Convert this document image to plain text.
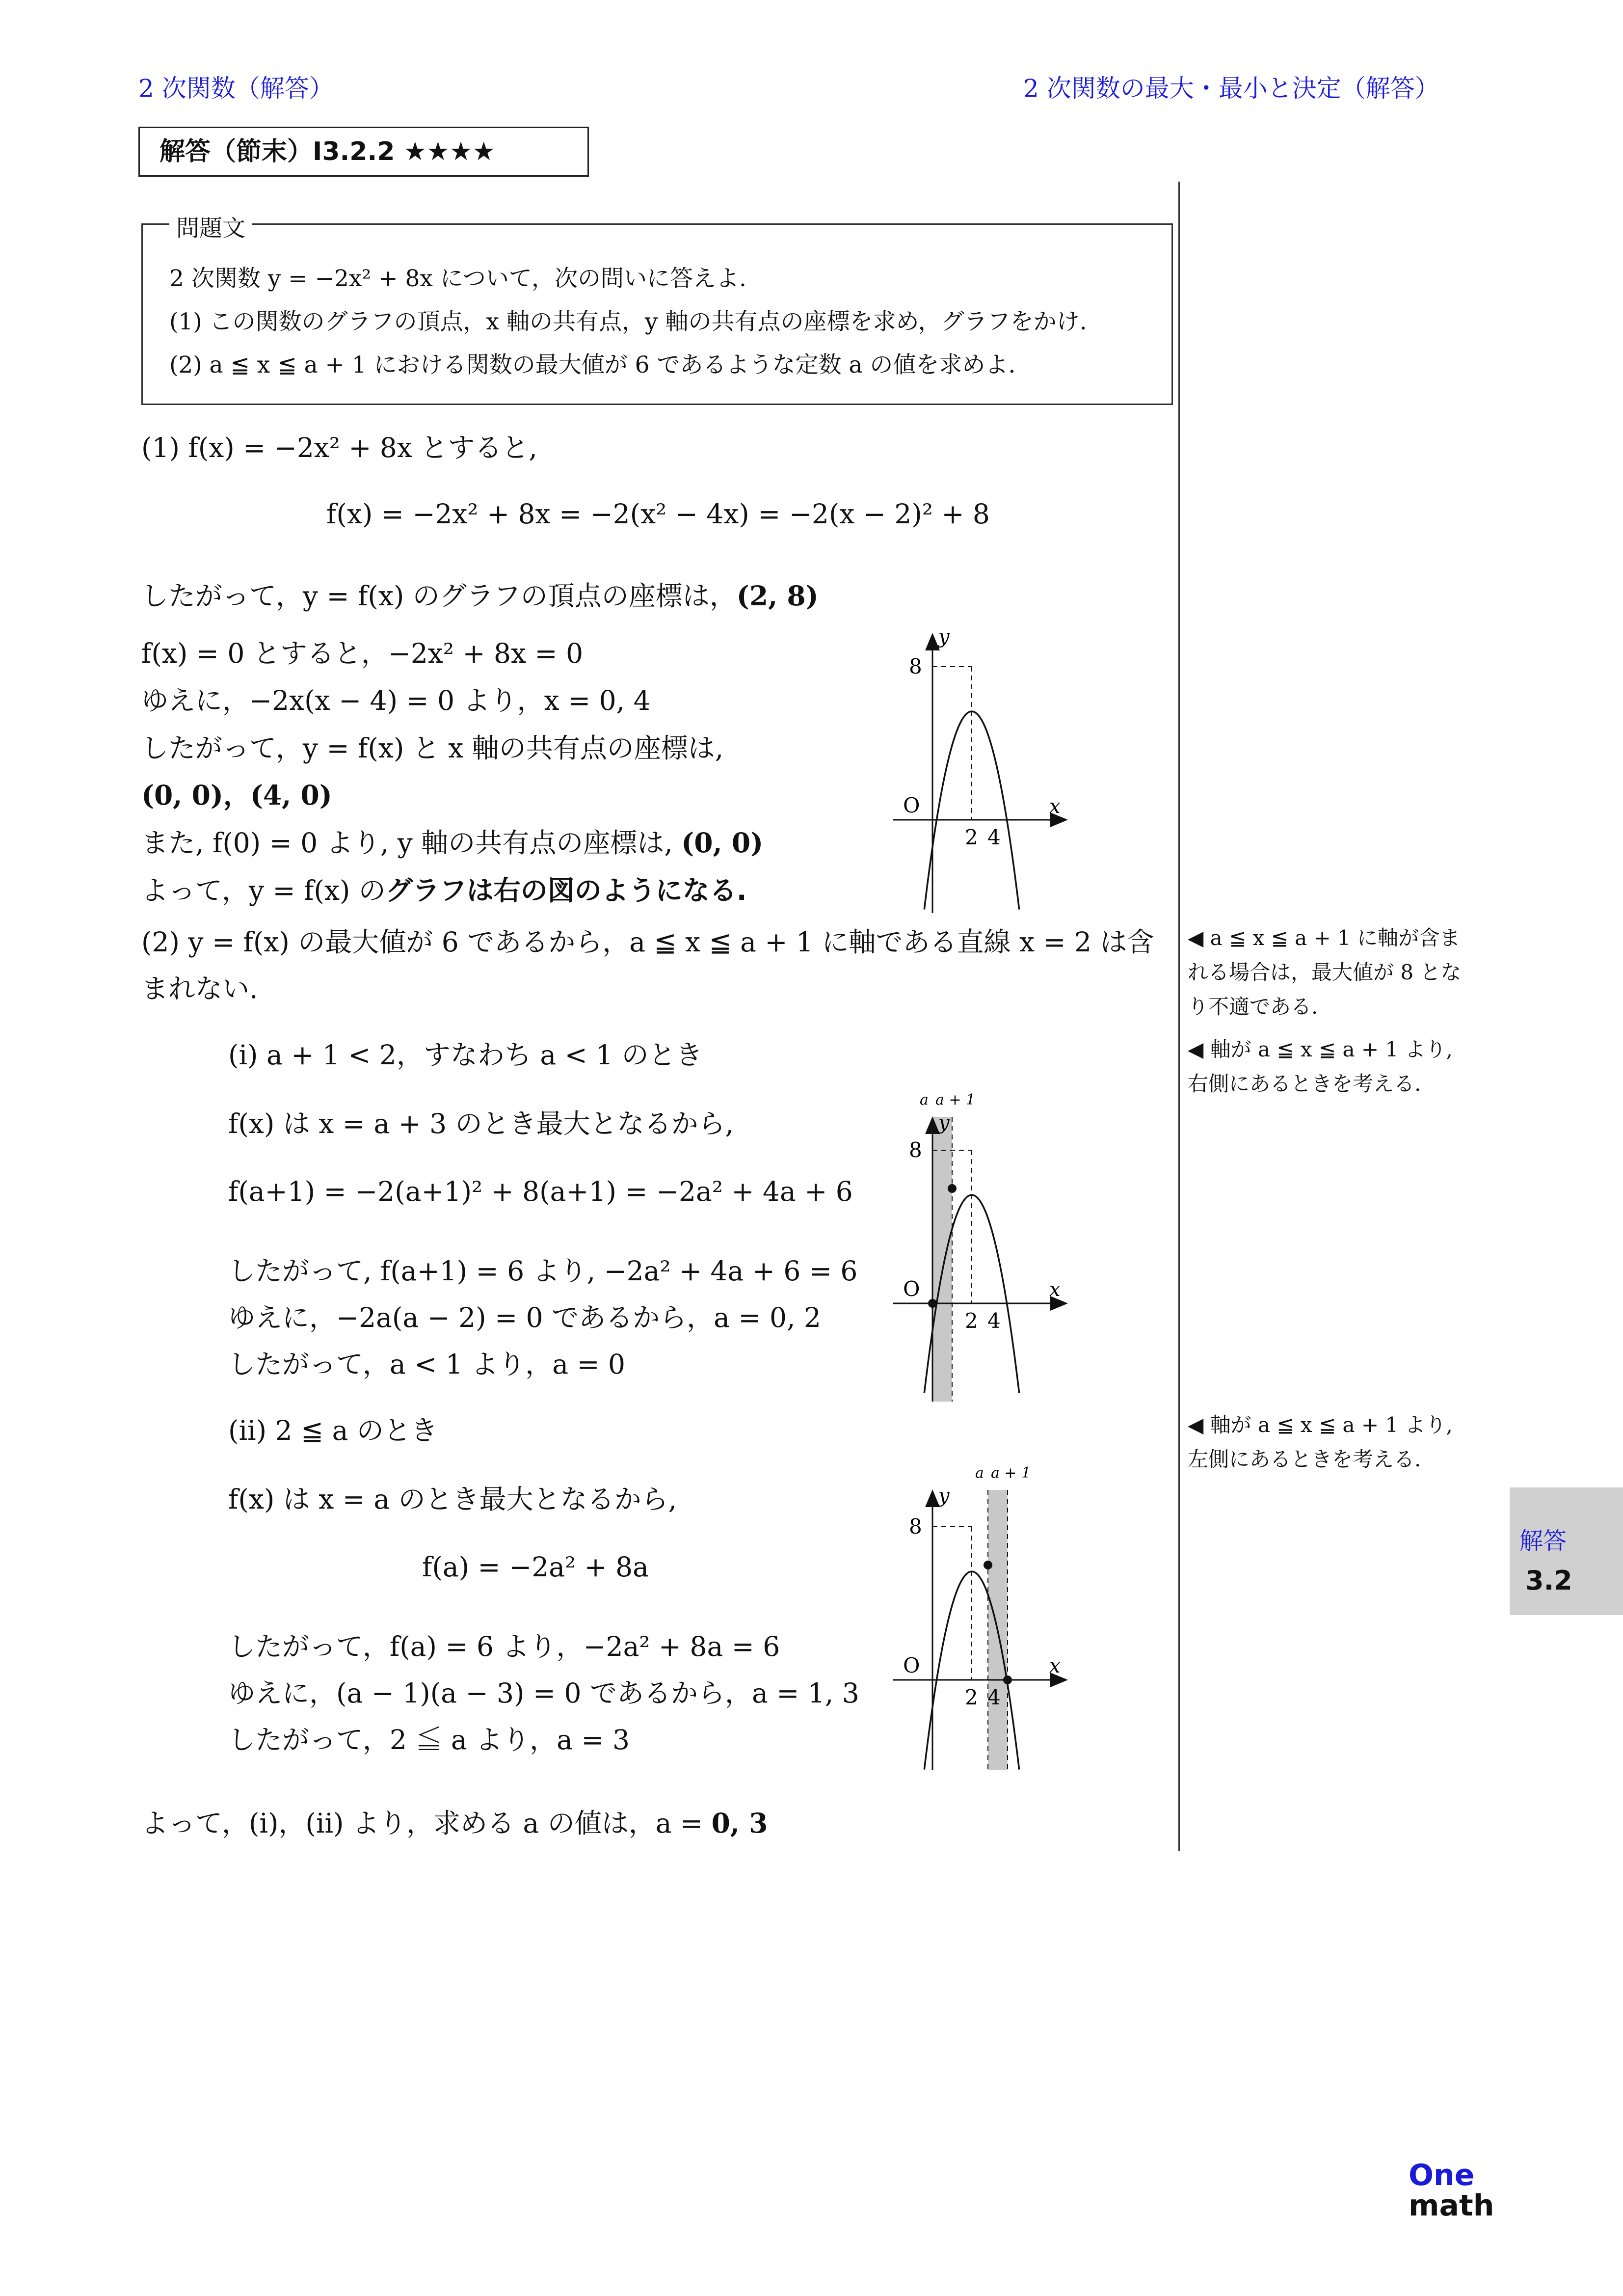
2 次関数（解答）	2 次関数の最大・最小と決定（解答）
解答（節末）I3.2.2 ★★★★
問題文
2 次関数 y = −2x² + 8x について，次の問いに答えよ.
(1) この関数のグラフの頂点，x 軸の共有点，y 軸の共有点の座標を求め，グラフをかけ.
(2) a ≦ x ≦ a + 1 における関数の最大値が 6 であるような定数 a の値を求めよ.
(1) f(x) = −2x² + 8x とすると,
f(x) = −2x² + 8x = −2(x² − 4x) = −2(x − 2)² + 8
したがって，y = f(x) のグラフの頂点の座標は，(2, 8)
f(x) = 0 とすると，−2x² + 8x = 0
ゆえに，−2x(x − 4) = 0 より，x = 0, 4
したがって，y = f(x) と x 軸の共有点の座標は,
(0, 0)，(4, 0)
また, f(0) = 0 より, y 軸の共有点の座標は, (0, 0)
よって，y = f(x) のグラフは右の図のようになる.
y
x
O
8
2 4
(2) y = f(x) の最大値が 6 であるから，a ≦ x ≦ a + 1 に軸である直線 x = 2 は含
まれない.
(i) a + 1 < 2，すなわち a < 1 のとき
f(x) は x = a + 3 のとき最大となるから,
f(a+1) = −2(a+1)² + 8(a+1) = −2a² + 4a + 6
したがって, f(a+1) = 6 より, −2a² + 4a + 6 = 6
ゆえに，−2a(a − 2) = 0 であるから，a = 0, 2
したがって，a < 1 より，a = 0
a a + 1
y
x
O
8
2 4
(ii) 2 ≦ a のとき
f(x) は x = a のとき最大となるから,
f(a) = −2a² + 8a
したがって，f(a) = 6 より，−2a² + 8a = 6
ゆえに，(a − 1)(a − 3) = 0 であるから，a = 1, 3
したがって，2 ≦ a より，a = 3
a a + 1
y
x
O
8
2 4
よって，(i)，(ii) より，求める a の値は，a = 0, 3
◀ a ≦ x ≦ a + 1 に軸が含ま
れる場合は，最大値が 8 とな
り不適である.
◀ 軸が a ≦ x ≦ a + 1 より,
右側にあるときを考える.
◀ 軸が a ≦ x ≦ a + 1 より,
左側にあるときを考える.
解答
3.2
One
math
